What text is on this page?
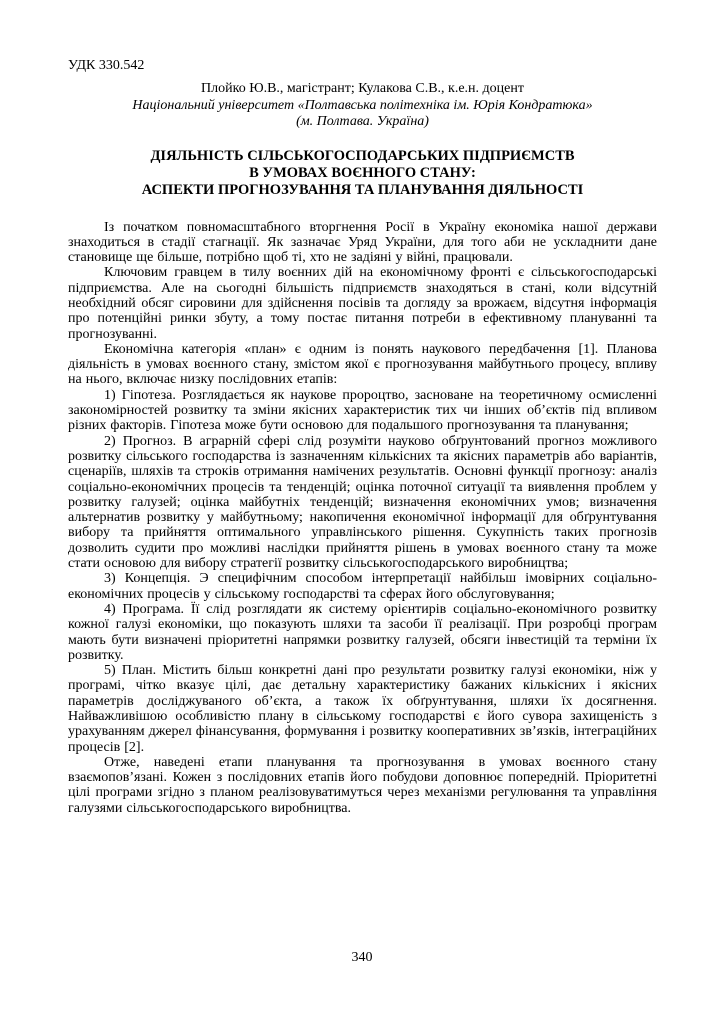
УДК 330.542
Плойко Ю.В., магістрант; Кулакова С.В., к.е.н. доцент
Національний університет «Полтавська політехніка ім. Юрія Кондратюка»
(м. Полтава. Україна)
ДІЯЛЬНІСТЬ СІЛЬСЬКОГОСПОДАРСЬКИХ ПІДПРИЄМСТВ
В УМОВАХ ВОЄННОГО СТАНУ:
АСПЕКТИ ПРОГНОЗУВАННЯ ТА ПЛАНУВАННЯ ДІЯЛЬНОСТІ

Із початком повномасштабного вторгнення Росії в Україну економіка нашої держави знаходиться в стадії стагнації. Як зазначає Уряд України, для того аби не ускладнити дане становище ще більше, потрібно щоб ті, хто не задіяні у війні, працювали.

Ключовим гравцем в тилу воєнних дій на економічному фронті є сільськогосподарські підприємства. Але на сьогодні більшість підприємств знаходяться в стані, коли відсутній необхідний обсяг сировини для здійснення посівів та догляду за врожаєм, відсутня інформація про потенційні ринки збуту, а тому постає питання потреби в ефективному плануванні та прогнозуванні.

Економічна категорія «план» є одним із понять наукового передбачення [1]. Планова діяльність в умовах воєнного стану, змістом якої є прогнозування майбутнього процесу, впливу на нього, включає низку послідовних етапів:

1) Гіпотеза. Розглядається як наукове пророцтво, засноване на теоретичному осмисленні закономірностей розвитку та зміни якісних характеристик тих чи інших об’єктів під впливом різних факторів. Гіпотеза може бути основою для подальшого прогнозування та планування;

2) Прогноз. В аграрній сфері слід розуміти науково обґрунтований прогноз можливого розвитку сільського господарства із зазначенням кількісних та якісних параметрів або варіантів, сценаріїв, шляхів та строків отримання намічених результатів. Основні функції прогнозу: аналіз соціально-економічних процесів та тенденцій; оцінка поточної ситуації та виявлення проблем у розвитку галузей; оцінка майбутніх тенденцій; визначення економічних умов; визначення альтернатив розвитку у майбутньому; накопичення економічної інформації для обґрунтування вибору та прийняття оптимального управлінського рішення. Сукупність таких прогнозів дозволить судити про можливі наслідки прийняття рішень в умовах воєнного стану та може стати основою для вибору стратегії розвитку сільськогосподарського виробництва;

3) Концепція. Э специфічним способом інтерпретації найбільш імовірних соціально-економічних процесів у сільському господарстві та сферах його обслуговування;

4) Програма. Її слід розглядати як систему орієнтирів соціально-економічного розвитку кожної галузі економіки, що показують шляхи та засоби її реалізації. При розробці програм мають бути визначені пріоритетні напрямки розвитку галузей, обсяги інвестицій та терміни їх розвитку.

5) План. Містить більш конкретні дані про результати розвитку галузі економіки, ніж у програмі, чітко вказує цілі, дає детальну характеристику бажаних кількісних і якісних параметрів досліджуваного об’єкта, а також їх обґрунтування, шляхи їх досягнення. Найважливішою особливістю плану в сільському господарстві є його сувора захищеність з урахуванням джерел фінансування, формування і розвитку кооперативних зв’язків, інтеграційних процесів [2].

Отже, наведені етапи планування та прогнозування в умовах воєнного стану взаємопов’язані. Кожен з послідовних етапів його побудови доповнює попередній. Пріоритетні цілі програми згідно з планом реалізовуватимуться через механізми регулювання та управління галузями сільськогосподарського виробництва.

340
